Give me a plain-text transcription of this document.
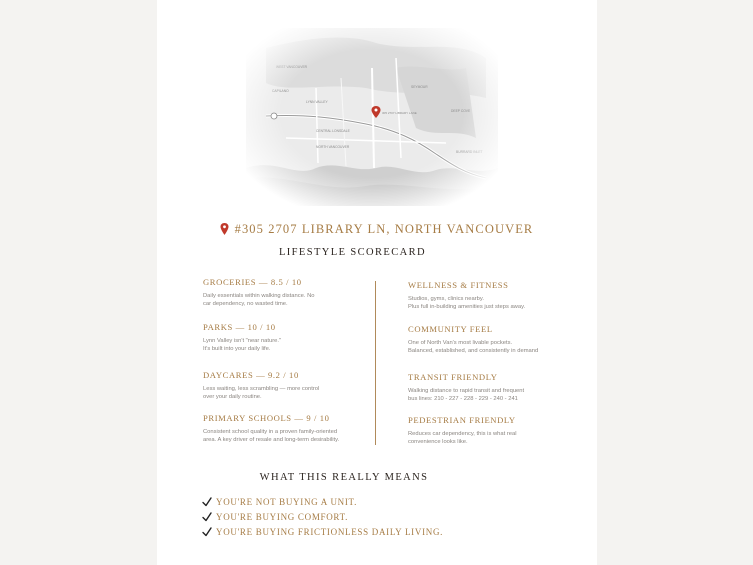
#305 2707 LIBRARY LN, NORTH VANCOUVER
LIFESTYLE SCORECARD
GROCERIES — 8.5 / 10
Daily essentials within walking distance. No
car dependency, no wasted time.
PARKS — 10 / 10
Lynn Valley isn't "near nature."
It's built into your daily life.
DAYCARES — 9.2 / 10
Less waiting, less scrambling — more control
over your daily routine.
PRIMARY SCHOOLS — 9 / 10
Consistent school quality in a proven family-oriented
area. A key driver of resale and long-term desirability.
WELLNESS & FITNESS
Studios, gyms, clinics nearby.
Plus full in-building amenities just steps away.
COMMUNITY FEEL
One of North Van's most livable pockets.
Balanced, established, and consistently in demand
TRANSIT FRIENDLY
Walking distance to rapid transit and frequent
bus lines: 210 - 227 - 228 - 229 - 240 - 241
PEDESTRIAN FRIENDLY
Reduces car dependency, this is what real
convenience looks like.
WHAT THIS REALLY MEANS
YOU'RE NOT BUYING A UNIT.
YOU'RE BUYING COMFORT.
YOU'RE BUYING FRICTIONLESS DAILY LIVING.
